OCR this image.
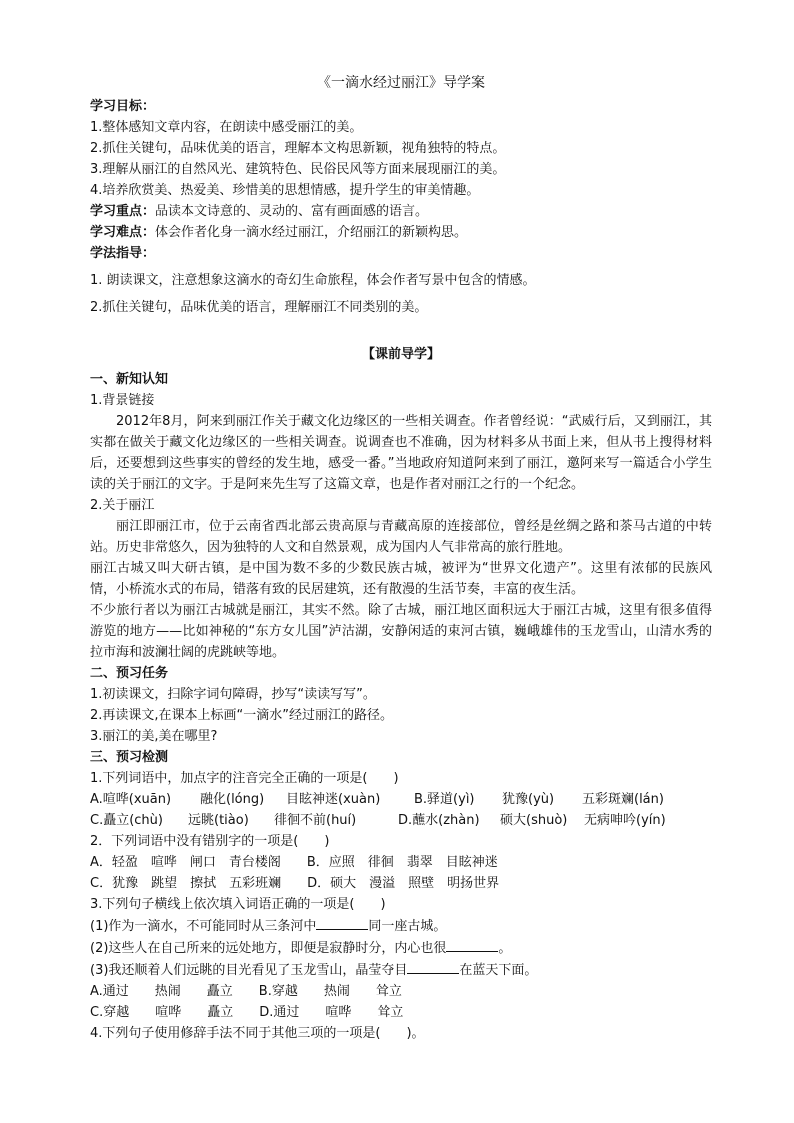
《一滴水经过丽江》导学案

学习目标：

1.整体感知文章内容，在朗读中感受丽江的美。

2.抓住关键句，品味优美的语言，理解本文构思新颖，视角独特的特点。

3.理解从丽江的自然风光、建筑特色、民俗民风等方面来展现丽江的美。

4.培养欣赏美、热爱美、珍惜美的思想情感，提升学生的审美情趣。

学习重点：品读本文诗意的、灵动的、富有画面感的语言。

学习难点：体会作者化身一滴水经过丽江，介绍丽江的新颖构思。

学法指导：

1. 朗读课文，注意想象这滴水的奇幻生命旅程，体会作者写景中包含的情感。

2.抓住关键句，品味优美的语言，理解丽江不同类别的美。

【课前导学】

一、新知认知

1.背景链接

2012年8月，阿来到丽江作关于藏文化边缘区的一些相关调查。作者曾经说：“武威行后，又到丽江，其实都在做关于藏文化边缘区的一些相关调查。说调查也不准确，因为材料多从书面上来，但从书上搜得材料后，还要想到这些事实的曾经的发生地，感受一番。”当地政府知道阿来到了丽江，邀阿来写一篇适合小学生读的关于丽江的文字。于是阿来先生写了这篇文章，也是作者对丽江之行的一个纪念。

2.关于丽江

丽江即丽江市，位于云南省西北部云贵高原与青藏高原的连接部位，曾经是丝绸之路和茶马古道的中转站。历史非常悠久，因为独特的人文和自然景观，成为国内人气非常高的旅行胜地。

丽江古城又叫大研古镇，是中国为数不多的少数民族古城，被评为“世界文化遗产”。这里有浓郁的民族风情，小桥流水式的布局，错落有致的民居建筑，还有散漫的生活节奏，丰富的夜生活。

不少旅行者以为丽江古城就是丽江，其实不然。除了古城，丽江地区面积远大于丽江古城，这里有很多值得游览的地方——比如神秘的“东方女儿国”泸沽湖，安静闲适的束河古镇，巍峨雄伟的玉龙雪山，山清水秀的拉市海和波澜壮阔的虎跳峡等地。

二、预习任务

1.初读课文，扫除字词句障碍，抄写“读读写写”。

2.再读课文,在课本上标画“一滴水”经过丽江的路径。

3.丽江的美,美在哪里?

三、预习检测

1.下列词语中，加点字的注音完全正确的一项是(　　)

A.喧哗(xuān)	融化(lóng)	目眩神迷(xuàn)	B.驿道(yì)	犹豫(yù)	五彩斑斓(lán)
C.矗立(chù)	远眺(tiào)	徘徊不前(huí)	D.蘸水(zhàn)	硕大(shuò)	无病呻吟(yín)

2．下列词语中没有错别字的一项是(　　)

A．轻盈　喧哗　闸口　青台楼阁　　B．应照　徘徊　翡翠　目眩神迷

C．犹豫　跳望　擦拭　五彩班斓　　D．硕大　漫溢　照壁　明扬世界

3.下列句子横线上依次填入词语正确的一项是(　　)

(1)作为一滴水，不可能同时从三条河中	同一座古城。

(2)这些人在自己所来的远处地方，即便是寂静时分，内心也很	。

(3)我还顺着人们远眺的目光看见了玉龙雪山，晶莹夺目	在蓝天下面。

A.通过　　热闹　　矗立　　B.穿越　　热闹　　耸立

C.穿越　　喧哗　　矗立　　D.通过　　喧哗　　耸立

4.下列句子使用修辞手法不同于其他三项的一项是(　　)。
